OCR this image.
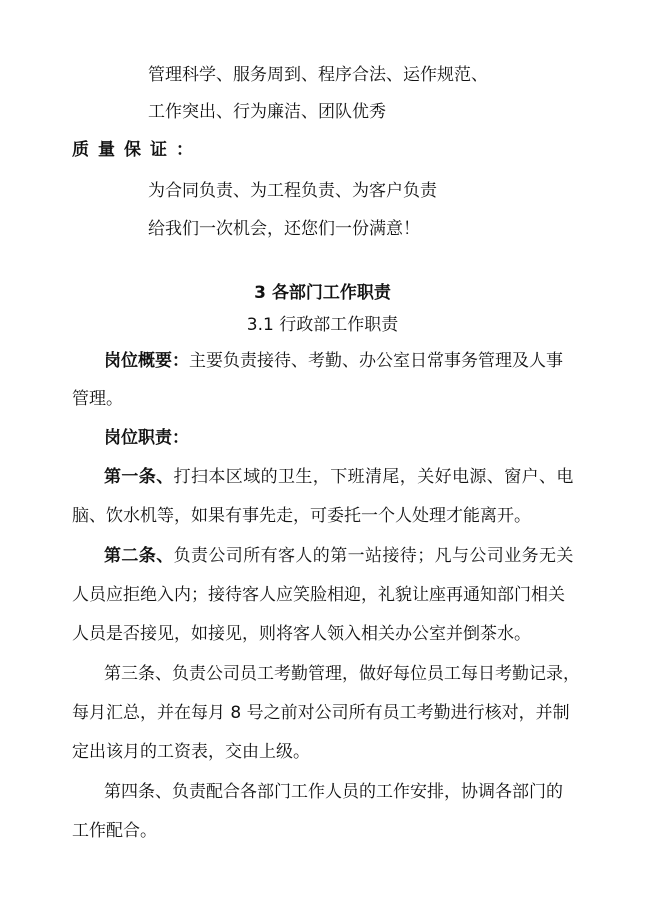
管理科学、服务周到、程序合法、运作规范、
工作突出、行为廉洁、团队优秀
质量保证：
为合同负责、为工程负责、为客户负责
给我们一次机会，还您们一份满意！
3 各部门工作职责
3.1 行政部工作职责
岗位概要：主要负责接待、考勤、办公室日常事务管理及人事
管理。
岗位职责：
第一条、打扫本区域的卫生，下班清尾，关好电源、窗户、电
脑、饮水机等，如果有事先走，可委托一个人处理才能离开。
第二条、负责公司所有客人的第一站接待；凡与公司业务无关
人员应拒绝入内；接待客人应笑脸相迎，礼貌让座再通知部门相关
人员是否接见，如接见，则将客人领入相关办公室并倒茶水。
第三条、负责公司员工考勤管理，做好每位员工每日考勤记录，
每月汇总，并在每月 8 号之前对公司所有员工考勤进行核对，并制
定出该月的工资表，交由上级。
第四条、负责配合各部门工作人员的工作安排，协调各部门的
工作配合。
